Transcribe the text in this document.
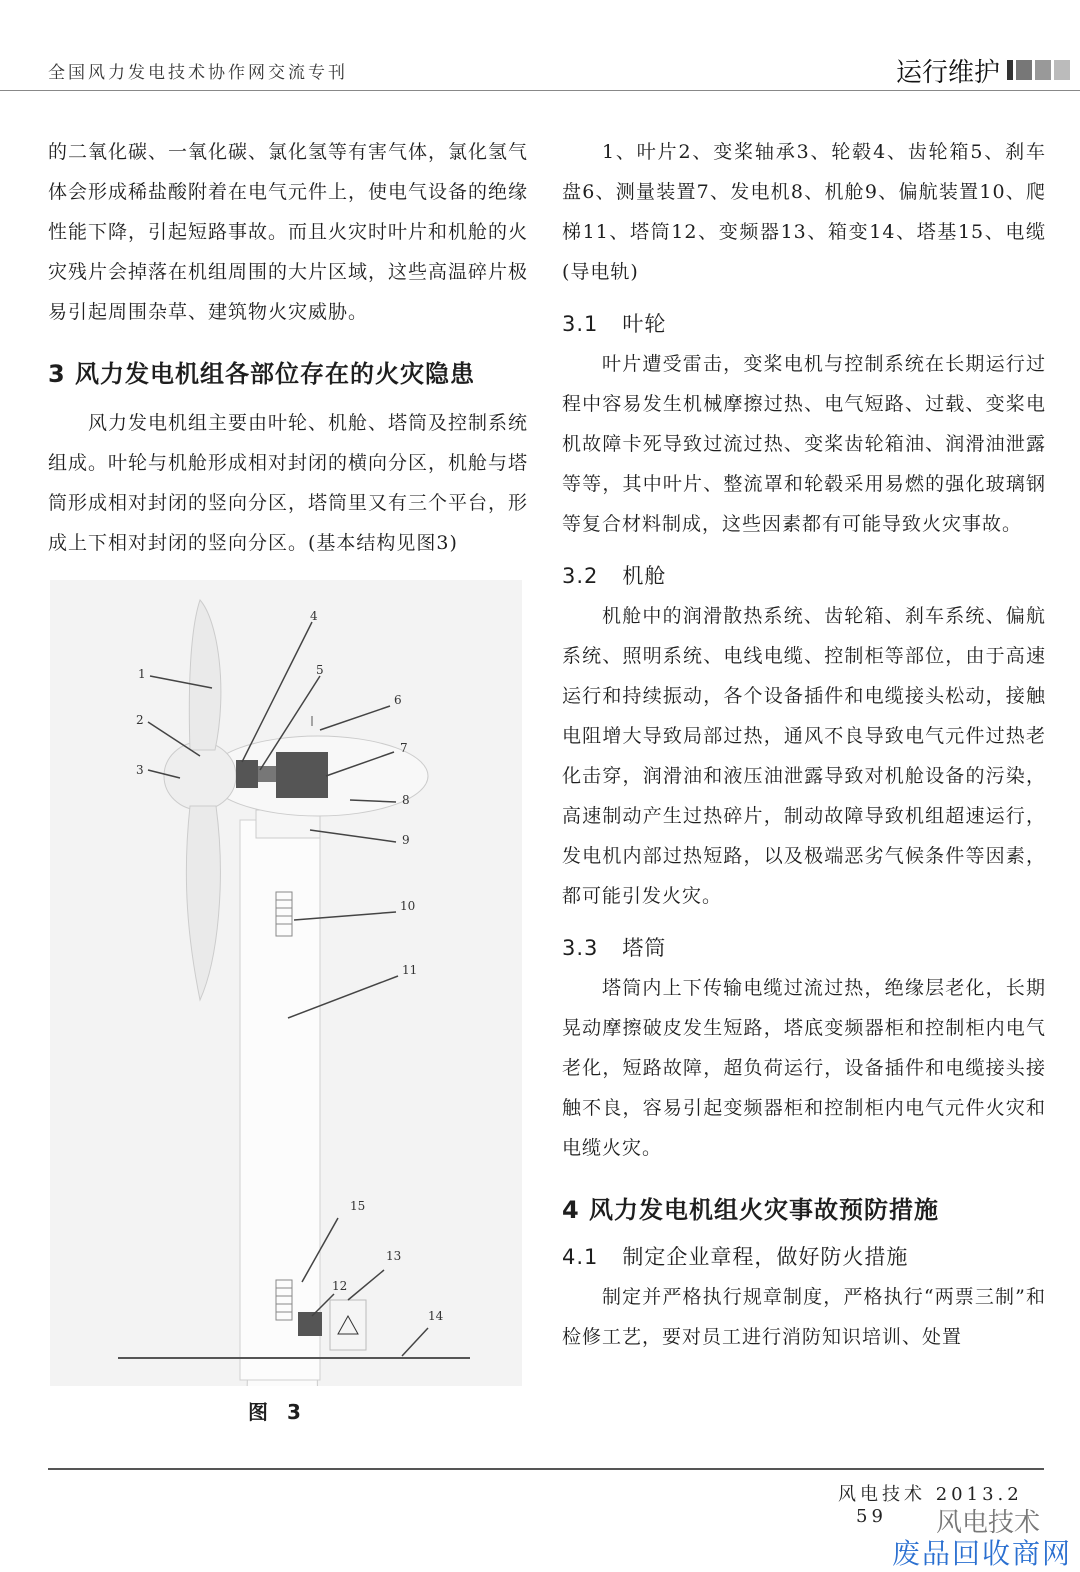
全国风力发电技术协作网交流专刊	运行维护

的二氧化碳、一氧化碳、氯化氢等有害气体，氯化氢气体会形成稀盐酸附着在电气元件上，使电气设备的绝缘性能下降，引起短路事故。而且火灾时叶片和机舱的火灾残片会掉落在机组周围的大片区域，这些高温碎片极易引起周围杂草、建筑物火灾威胁。

3 风力发电机组各部位存在的火灾隐患

风力发电机组主要由叶轮、机舱、塔筒及控制系统组成。叶轮与机舱形成相对封闭的横向分区，机舱与塔筒形成相对封闭的竖向分区，塔筒里又有三个平台，形成上下相对封闭的竖向分区。(基本结构见图3)

1
2
3
4
5
6
7
8
9
10
11
12
13
14
15
图 3

1、叶片2、变桨轴承3、轮毂4、齿轮箱5、刹车盘6、测量装置7、发电机8、机舱9、偏航装置10、爬梯11、塔筒12、变频器13、箱变14、塔基15、电缆(导电轨)

3.1 叶轮

叶片遭受雷击，变桨电机与控制系统在长期运行过程中容易发生机械摩擦过热、电气短路、过载、变桨电机故障卡死导致过流过热、变桨齿轮箱油、润滑油泄露等等，其中叶片、整流罩和轮毂采用易燃的强化玻璃钢等复合材料制成，这些因素都有可能导致火灾事故。

3.2 机舱

机舱中的润滑散热系统、齿轮箱、刹车系统、偏航系统、照明系统、电线电缆、控制柜等部位，由于高速运行和持续振动，各个设备插件和电缆接头松动，接触电阻增大导致局部过热，通风不良导致电气元件过热老化击穿，润滑油和液压油泄露导致对机舱设备的污染，高速制动产生过热碎片，制动故障导致机组超速运行，发电机内部过热短路，以及极端恶劣气候条件等因素，都可能引发火灾。

3.3 塔筒

塔筒内上下传输电缆过流过热，绝缘层老化，长期晃动摩擦破皮发生短路，塔底变频器柜和控制柜内电气老化，短路故障，超负荷运行，设备插件和电缆接头接触不良，容易引起变频器柜和控制柜内电气元件火灾和电缆火灾。

4 风力发电机组火灾事故预防措施
4.1 制定企业章程，做好防火措施

制定并严格执行规章制度，严格执行“两票三制”和检修工艺，要对员工进行消防知识培训、处置

风电技术 2013.2 59	风电技术
废品回收商网
